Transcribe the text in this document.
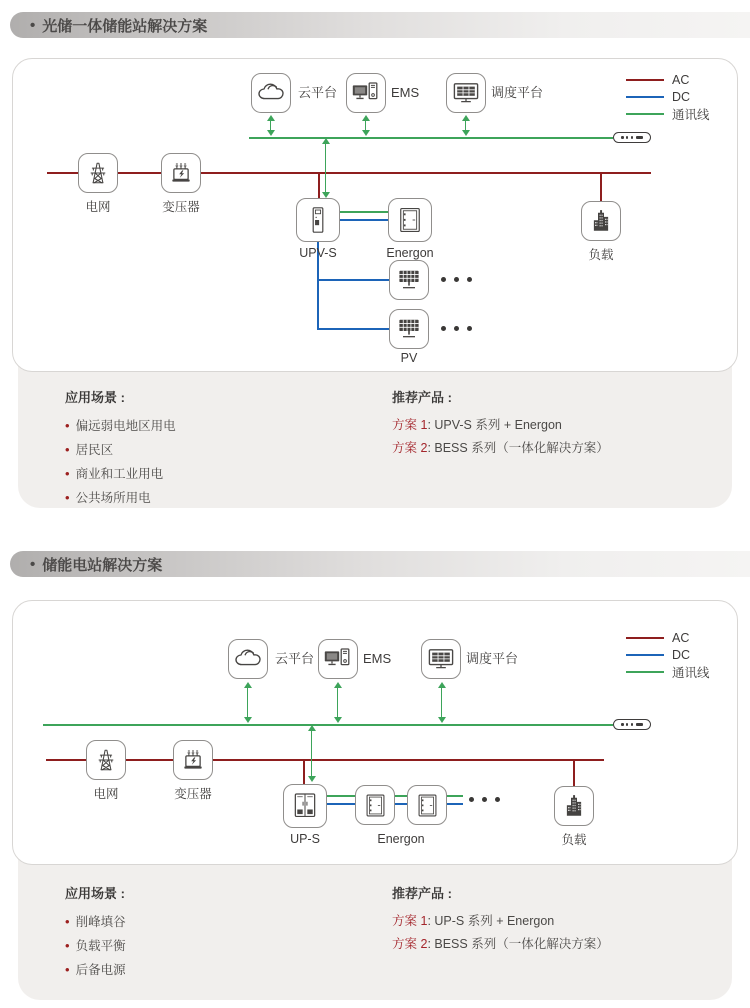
• 光储一体储能站解决方案
应用场景 :
• 偏远弱电地区用电
• 居民区
• 商业和工业用电
• 公共场所用电
推荐产品 :
方案 1: UPV-S 系列 + Energon
方案 2: BESS 系列（一体化解决方案）
AC
DC
通讯线
云平台	EMS	调度平台
电网	变压器
UPV-S	Energon
PV
负载
• 储能电站解决方案
应用场景 :
• 削峰填谷
• 负载平衡
• 后备电源
推荐产品 :
方案 1: UP-S 系列 + Energon
方案 2: BESS 系列（一体化解决方案）
AC
DC
通讯线
云平台	EMS	调度平台
电网	变压器
UP-S	Energon	负载
